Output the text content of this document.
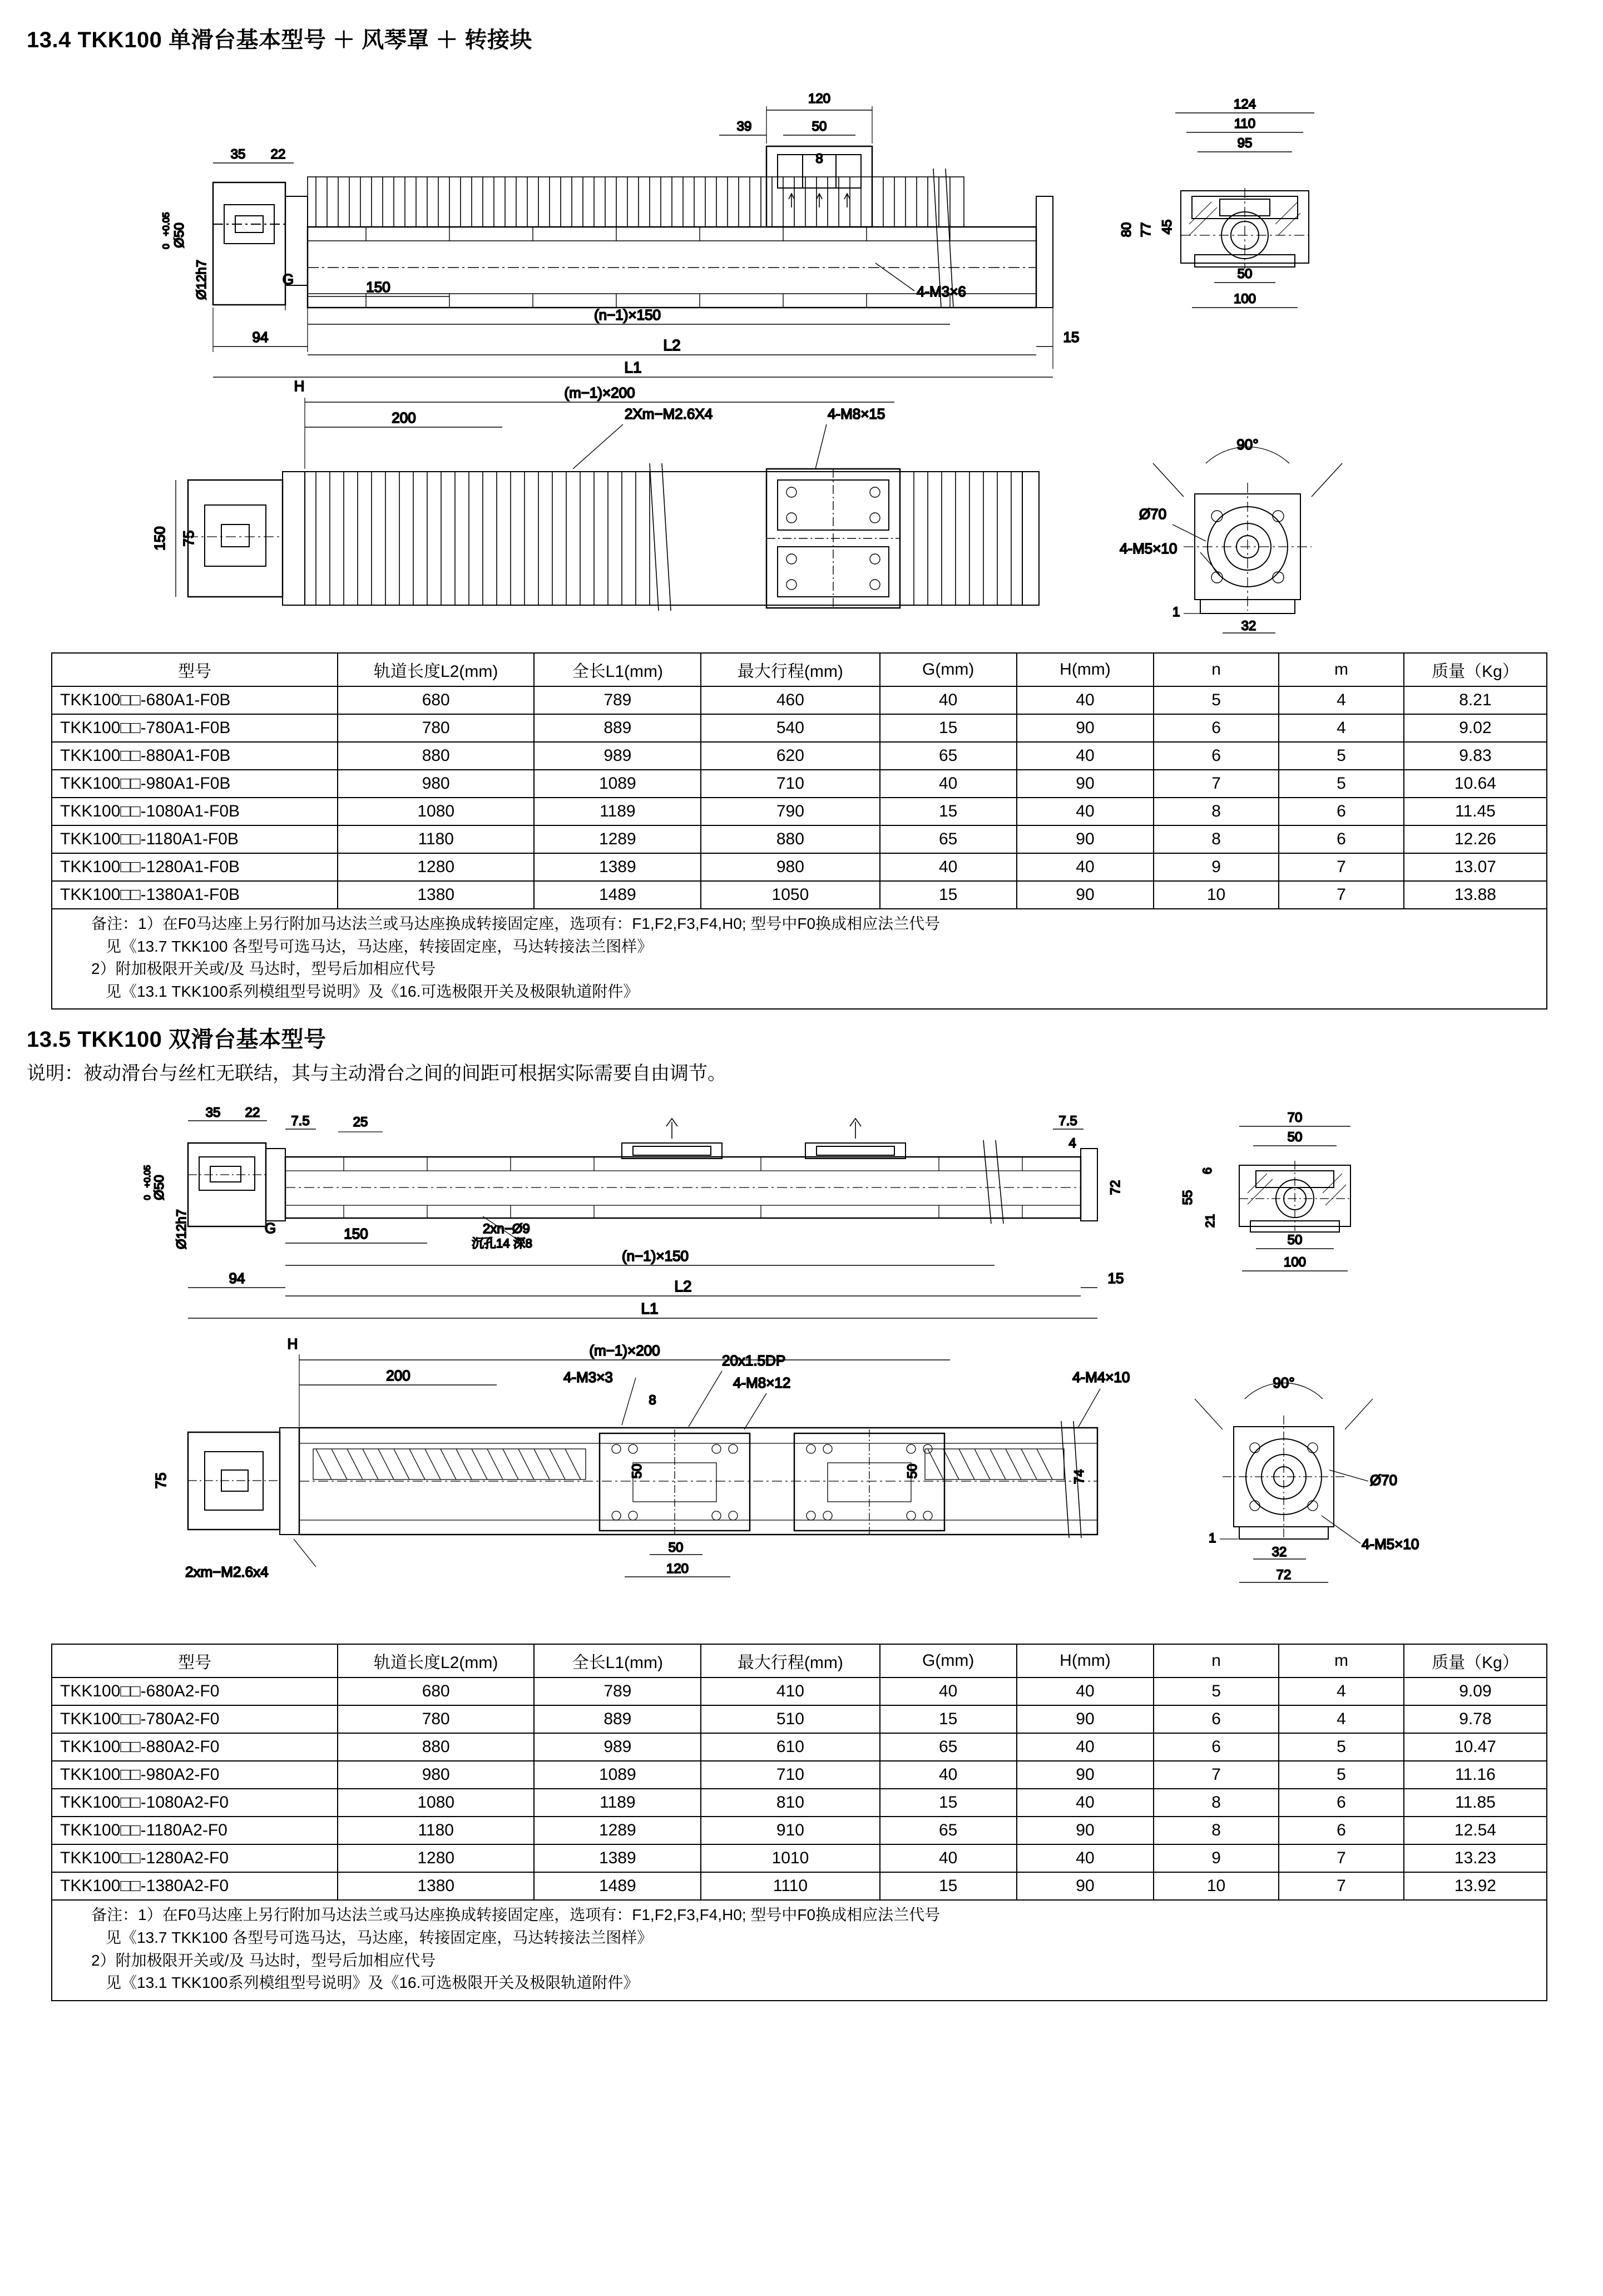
13.4 TKK100 单滑台基本型号 ＋ 风琴罩 ＋ 转接块
120
50
39
8
35 22
Ø50
+0.05
0
Ø12h7	G	150
(n−1)×150
4-M3×6
94	L2	15
L1
124
110
95
80 77 45
50
100
H	(m−1)×200
200	2Xm−M2.6X4	4-M8×15
150 75
90°
Ø70
4-M5×10
1
32
型号	轨道长度L2(mm)	全长L1(mm)	最大行程(mm)	G(mm)	H(mm)	n	m	质量（Kg）
TKK100□□-680A1-F0B	680	789	460	40	40	5	4	8.21
TKK100□□-780A1-F0B	780	889	540	15	90	6	4	9.02
TKK100□□-880A1-F0B	880	989	620	65	40	6	5	9.83
TKK100□□-980A1-F0B	980	1089	710	40	90	7	5	10.64
TKK100□□-1080A1-F0B	1080	1189	790	15	40	8	6	11.45
TKK100□□-1180A1-F0B	1180	1289	880	65	90	8	6	12.26
TKK100□□-1280A1-F0B	1280	1389	980	40	40	9	7	13.07
TKK100□□-1380A1-F0B	1380	1489	1050	15	90	10	7	13.88
备注：1）在F0马达座上另行附加马达法兰或马达座换成转接固定座，选项有：F1,F2,F3,F4,H0; 型号中F0换成相应法兰代号
见《13.7 TKK100 各型号可选马达，马达座，转接固定座，马达转接法兰图样》
2）附加极限开关或/及 马达时，型号后加相应代号
见《13.1 TKK100系列模组型号说明》及《16.可选极限开关及极限轨道附件》
13.5 TKK100 双滑台基本型号
说明：被动滑台与丝杠无联结，其与主动滑台之间的间距可根据实际需要自由调节。
7.5
35 22
25
Ø50
+0.05
0
Ø12h7	G	150	2xn−Ø9
沉孔14 深8
(n−1)×150
94	L2	15
L1
7.5
4
72
70
50
6
55
21
50
100
H	(m−1)×200
200	4-M3×3
8
20x1.5DP
4-M8×12	4-M4×10
75
50	50	74
50
120
2xm−M2.6x4
90°
Ø70
4-M5×10
1
32
72
型号	轨道长度L2(mm)	全长L1(mm)	最大行程(mm)	G(mm)	H(mm)	n	m	质量（Kg）
TKK100□□-680A2-F0	680	789	410	40	40	5	4	9.09
TKK100□□-780A2-F0	780	889	510	15	90	6	4	9.78
TKK100□□-880A2-F0	880	989	610	65	40	6	5	10.47
TKK100□□-980A2-F0	980	1089	710	40	90	7	5	11.16
TKK100□□-1080A2-F0	1080	1189	810	15	40	8	6	11.85
TKK100□□-1180A2-F0	1180	1289	910	65	90	8	6	12.54
TKK100□□-1280A2-F0	1280	1389	1010	40	40	9	7	13.23
TKK100□□-1380A2-F0	1380	1489	1110	15	90	10	7	13.92
备注：1）在F0马达座上另行附加马达法兰或马达座换成转接固定座，选项有：F1,F2,F3,F4,H0; 型号中F0换成相应法兰代号
见《13.7 TKK100 各型号可选马达，马达座，转接固定座，马达转接法兰图样》
2）附加极限开关或/及 马达时，型号后加相应代号
见《13.1 TKK100系列模组型号说明》及《16.可选极限开关及极限轨道附件》
